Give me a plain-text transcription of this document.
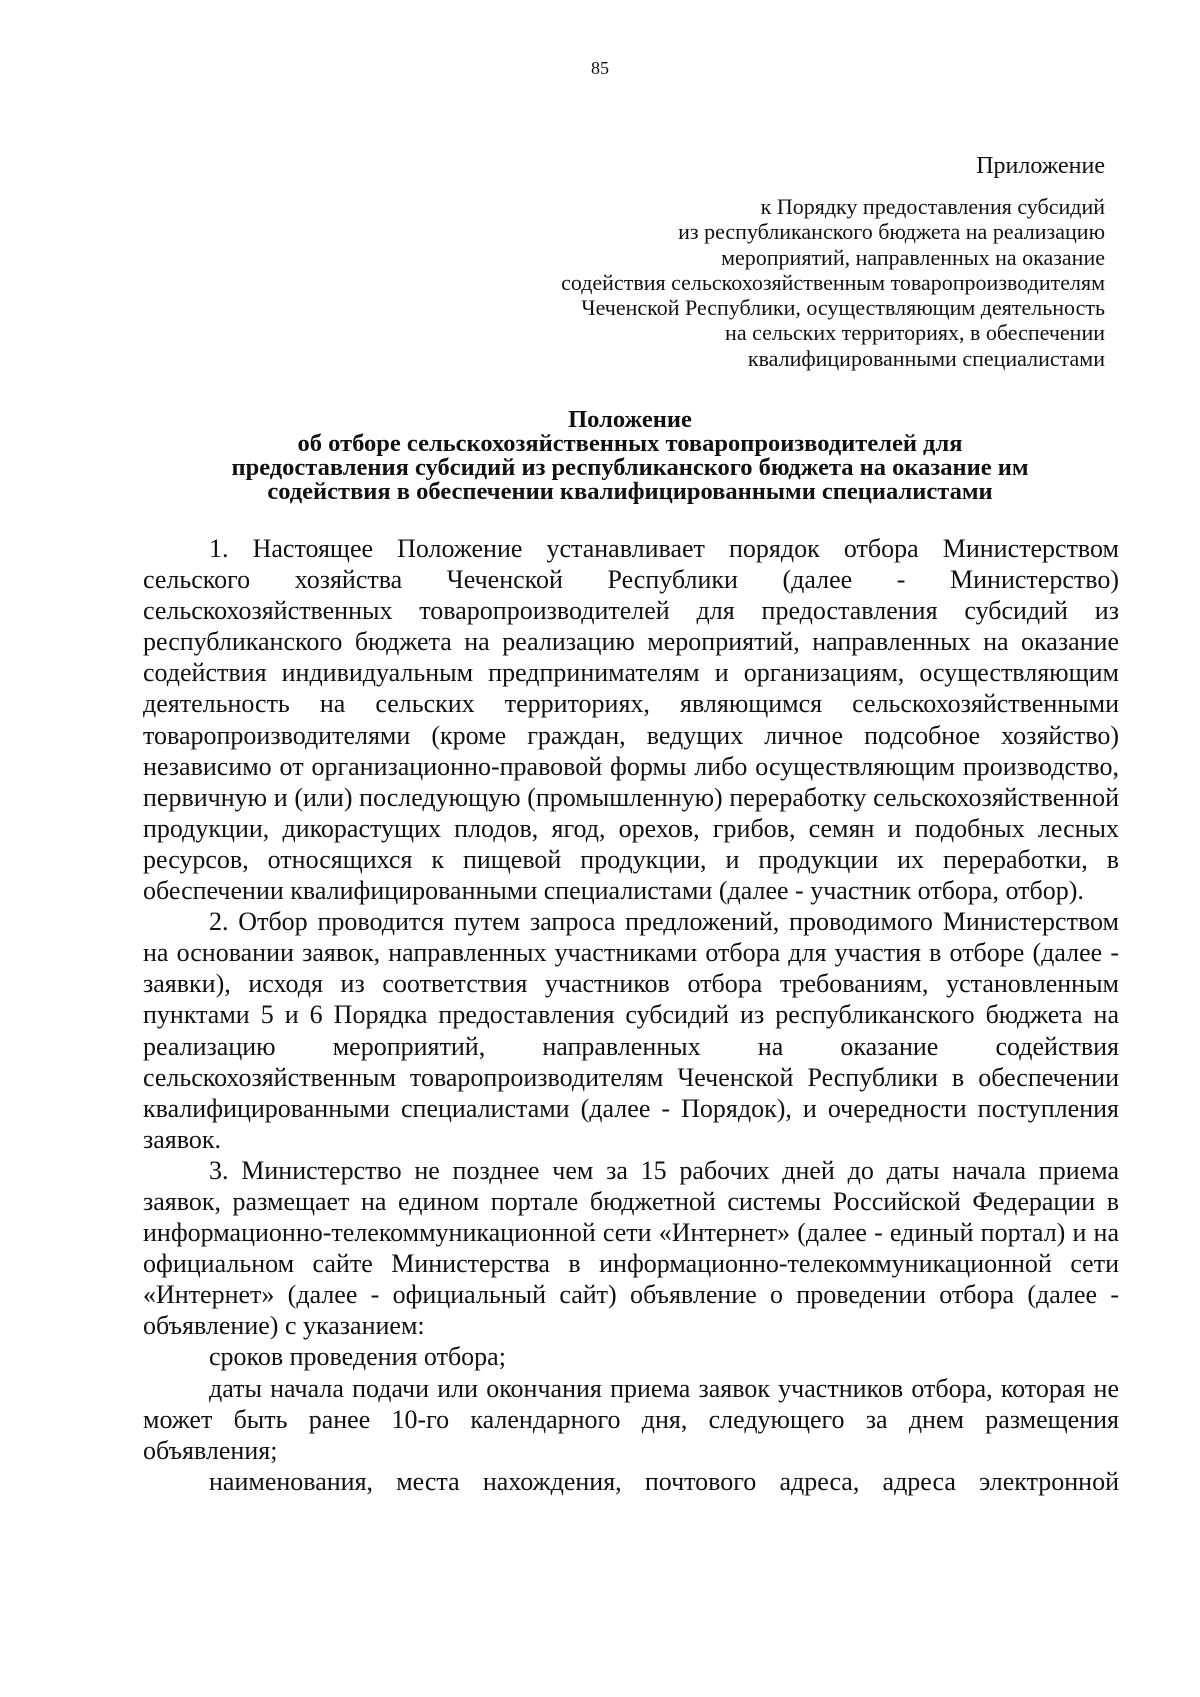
85
Приложение
к Порядку предоставления субсидий
из республиканского бюджета на реализацию
мероприятий, направленных на оказание
содействия сельскохозяйственным товаропроизводителям
Чеченской Республики, осуществляющим деятельность
на сельских территориях, в обеспечении
квалифицированными специалистами
Положение
об отборе сельскохозяйственных товаропроизводителей для
предоставления субсидий из республиканского бюджета на оказание им
содействия в обеспечении квалифицированными специалистами

1. Настоящее Положение устанавливает порядок отбора Министерством сельского хозяйства Чеченской Республики (далее - Министерство) сельскохозяйственных товаропроизводителей для предоставления субсидий из республиканского бюджета на реализацию мероприятий, направленных на оказание содействия индивидуальным предпринимателям и организациям, осуществляющим деятельность на сельских территориях, являющимся сельскохозяйственными товаропроизводителями (кроме граждан, ведущих личное подсобное хозяйство) независимо от организационно-правовой формы либо осуществляющим производство, первичную и (или) последующую (промышленную) переработку сельскохозяйственной продукции, дикорастущих плодов, ягод, орехов, грибов, семян и подобных лесных ресурсов, относящихся к пищевой продукции, и продукции их переработки, в обеспечении квалифицированными специалистами (далее - участник отбора, отбор).

2. Отбор проводится путем запроса предложений, проводимого Министерством на основании заявок, направленных участниками отбора для участия в отборе (далее - заявки), исходя из соответствия участников отбора требованиям, установленным пунктами 5 и 6 Порядка предоставления субсидий из республиканского бюджета на реализацию мероприятий, направленных на оказание содействия сельскохозяйственным товаропроизводителям Чеченской Республики в обеспечении квалифицированными специалистами (далее - Порядок), и очередности поступления заявок.

3. Министерство не позднее чем за 15 рабочих дней до даты начала приема заявок, размещает на едином портале бюджетной системы Российской Федерации в информационно-телекоммуникационной сети «Интернет» (далее - единый портал) и на официальном сайте Министерства в информационно-телекоммуникационной сети «Интернет» (далее - официальный сайт) объявление о проведении отбора (далее - объявление) с указанием:

сроков проведения отбора;

даты начала подачи или окончания приема заявок участников отбора, которая не может быть ранее 10-го календарного дня, следующего за днем размещения объявления;

наименования, места нахождения, почтового адреса, адреса электронной
